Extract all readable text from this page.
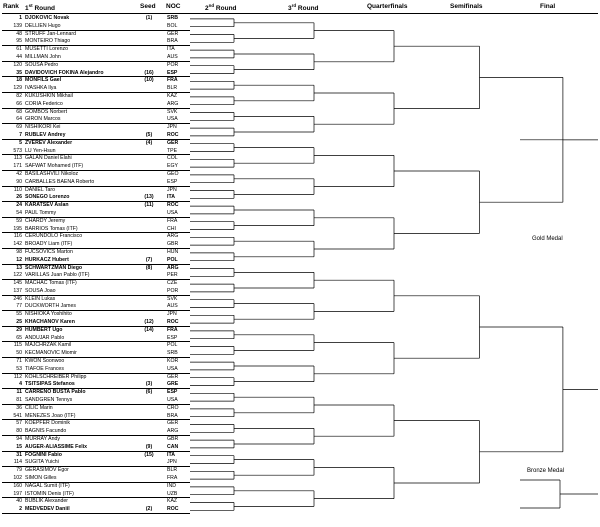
Rank 1st Round	Seed NOC	2nd Round	3rd Round	Quarterfinals	Semifinals	Final
1 DJOKOVIC Novak	(1)	SRB
139 DELLIEN Hugo	BOL
48 STRUFF Jan-Lennard	GER
95 MONTEIRO Thiago	BRA
61 MUSETTI Lorenzo	ITA
44 MILLMAN John	AUS
120 SOUSA Pedro	POR
35 DAVIDOVICH FOKINA Alejandro	(16)	ESP
18 MONFILS Gael	(10)	FRA
129 IVASHKA Ilya	BLR
82 KUKUSHKIN Mikhail	KAZ
66 CORIA Federico	ARG
68 GOMBOS Norbert	SVK
64 GIRON Marcos	USA
69 NISHIKORI Kei	JPN
7 RUBLEV Andrey	(5)	ROC
5 ZVEREV Alexander	(4)	GER
573 LU Yen-Hsun	TPE
113 GALAN Daniel Elahi	COL
171 SAFWAT Mohamed (ITF)	EGY
42 BASILASHVILI Nikoloz	GEO
90 CARBALLES BAENA Roberto	ESP
110 DANIEL Taro	JPN
26 SONEGO Lorenzo	(13)	ITA
24 KARATSEV Aslan	(11)	ROC
54 PAUL Tommy	USA
59 CHARDY Jeremy	FRA
195 BARRIOS Tomas (ITF)	CHI
116 CERUNDOLO Francisco	ARG
142 BROADY Liam (ITF)	GBR
98 FUCSOVICS Marton	HUN
12 HURKACZ Hubert	(7)	POL
13 SCHWARTZMAN Diego	(8)	ARG
122 VARILLAS Juan Pablo (ITF)	PER
145 MACHAC Tomas (ITF)	CZE
137 SOUSA Joao	POR
246 KLEIN Lukas	SVK
77 DUCKWORTH James	AUS
55 NISHIOKA Yoshihito	JPN
25 KHACHANOV Karen	(12)	ROC
29 HUMBERT Ugo	(14)	FRA
65 ANDUJAR Pablo	ESP
115 MAJCHRZAK Kamil	POL
50 KECMANOVIC Miomir	SRB
71 KWON Soonwoo	KOR
53 TIAFOE Frances	USA
112 KOHLSCHREIBER Philipp	GER
4 TSITSIPAS Stefanos	(3)	GRE
11 CARRENO BUSTA Pablo	(6)	ESP
81 SANDGREN Tennys	USA
36 CILIC Marin	CRO
541 MENEZES Joao (ITF)	BRA
57 KOEPFER Dominik	GER
80 BAGNIS Facundo	ARG
94 MURRAY Andy	GBR
15 AUGER-ALIASSIME Felix	(9)	CAN
31 FOGNINI Fabio	(15)	ITA
114 SUGITA Yuichi	JPN
79 GERASIMOV Egor	BLR
102 SIMON Gilles	FRA
160 NAGAL Sumit (ITF)	IND
197 ISTOMIN Denis (ITF)	UZB
40 BUBLIK Alexander	KAZ
2 MEDVEDEV Daniil	(2)	ROC
Gold Medal
Bronze Medal
